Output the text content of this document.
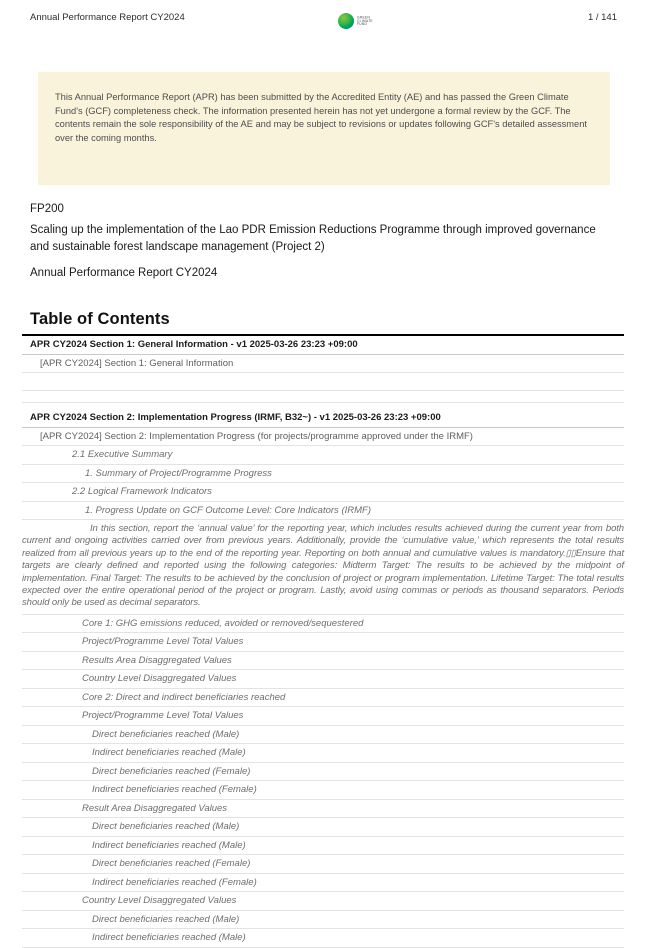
Annual Performance Report CY2024	GREEN
CLIMATE
FUND
1 / 141
This Annual Performance Report (APR) has been submitted by the Accredited Entity (AE) and has passed the Green Climate Fund's (GCF) completeness check. The information presented herein has not yet undergone a formal review by the GCF. The contents remain the sole responsibility of the AE and may be subject to revisions or updates following GCF's detailed assessment over the coming months.
FP200
Scaling up the implementation of the Lao PDR Emission Reductions Programme through improved governance and sustainable forest landscape management (Project 2)
Annual Performance Report CY2024
Table of Contents
APR CY2024 Section 1: General Information - v1 2025-03-26 23:23 +09:00
[APR CY2024] Section 1: General Information
APR CY2024 Section 2: Implementation Progress (IRMF, B32~) - v1 2025-03-26 23:23 +09:00
[APR CY2024] Section 2: Implementation Progress (for projects/programme approved under the IRMF)
2.1 Executive Summary
1. Summary of Project/Programme Progress
2.2 Logical Framework Indicators
1. Progress Update on GCF Outcome Level: Core Indicators (IRMF)
In this section, report the ‘annual value’ for the reporting year, which includes results achieved during the current year from both current and ongoing activities carried over from previous years. Additionally, provide the ‘cumulative value,’ which represents the total results realized from all previous years up to the end of the reporting year. Reporting on both annual and cumulative values is mandatory.▯▯Ensure that targets are clearly defined and reported using the following categories: Midterm Target: The results to be achieved by the midpoint of implementation. Final Target: The results to be achieved by the conclusion of project or program implementation. Lifetime Target: The total results expected over the entire operational period of the project or program. Lastly, avoid using commas or periods as thousand separators. Periods should only be used as decimal separators.
Core 1: GHG emissions reduced, avoided or removed/sequestered
Project/Programme Level Total Values
Results Area Disaggregated Values
Country Level Disaggregated Values
Core 2: Direct and indirect beneficiaries reached
Project/Programme Level Total Values
Direct beneficiaries reached (Male)
Indirect beneficiaries reached (Male)
Direct beneficiaries reached (Female)
Indirect beneficiaries reached (Female)
Result Area Disaggregated Values
Direct beneficiaries reached (Male)
Indirect beneficiaries reached (Male)
Direct beneficiaries reached (Female)
Indirect beneficiaries reached (Female)
Country Level Disaggregated Values
Direct beneficiaries reached (Male)
Indirect beneficiaries reached (Male)
